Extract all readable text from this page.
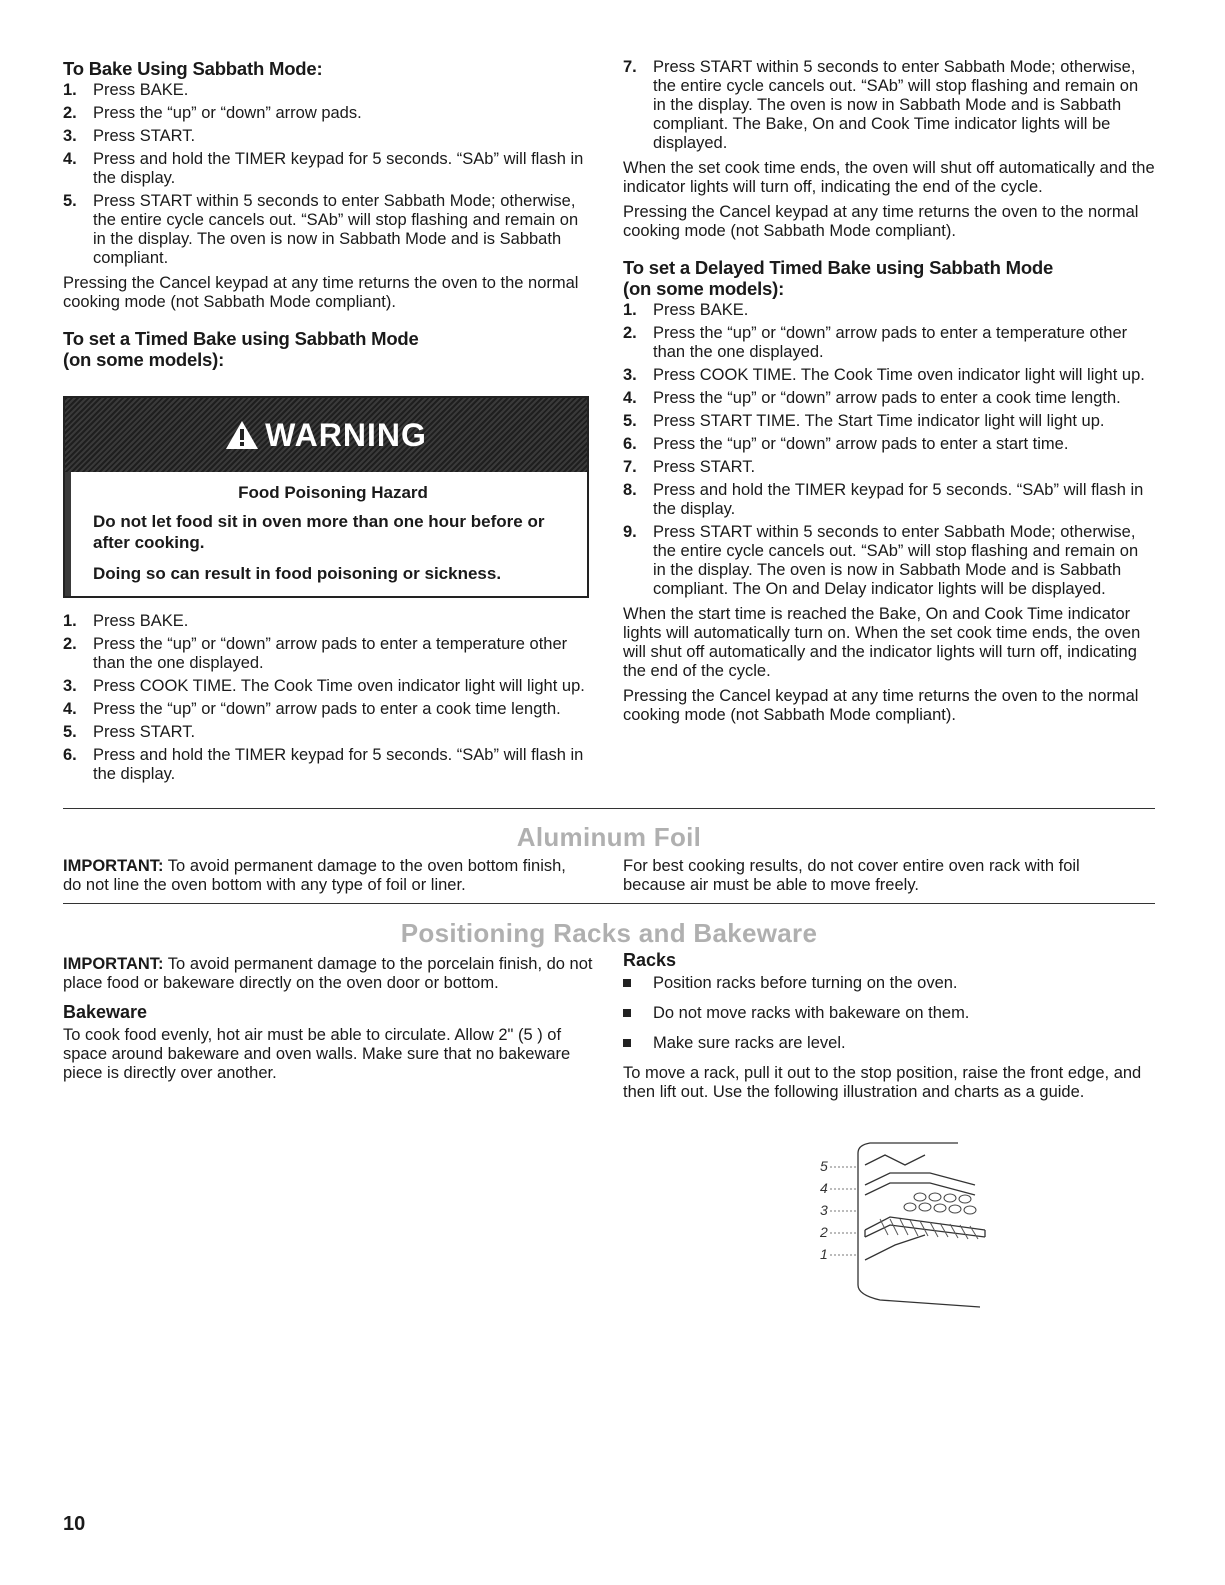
To Bake Using Sabbath Mode:
1. Press BAKE.
2. Press the “up” or “down” arrow pads.
3. Press START.
4. Press and hold the TIMER keypad for 5 seconds. “SAb” will flash in the display.
5. Press START within 5 seconds to enter Sabbath Mode; otherwise, the entire cycle cancels out. “SAb” will stop flashing and remain on in the display. The oven is now in Sabbath Mode and is Sabbath compliant.

Pressing the Cancel keypad at any time returns the oven to the normal cooking mode (not Sabbath Mode compliant).

To set a Timed Bake using Sabbath Mode
(on some models):
WARNING
Food Poisoning Hazard

Do not let food sit in oven more than one hour before or after cooking.

Doing so can result in food poisoning or sickness.

1. Press BAKE.
2. Press the “up” or “down” arrow pads to enter a temperature other than the one displayed.
3. Press COOK TIME. The Cook Time oven indicator light will light up.
4. Press the “up” or “down” arrow pads to enter a cook time length.
5. Press START.
6. Press and hold the TIMER keypad for 5 seconds. “SAb” will flash in the display.
7. Press START within 5 seconds to enter Sabbath Mode; otherwise, the entire cycle cancels out. “SAb” will stop flashing and remain on in the display. The oven is now in Sabbath Mode and is Sabbath compliant. The Bake, On and Cook Time indicator lights will be displayed.

When the set cook time ends, the oven will shut off automatically and the indicator lights will turn off, indicating the end of the cycle.

Pressing the Cancel keypad at any time returns the oven to the normal cooking mode (not Sabbath Mode compliant).

To set a Delayed Timed Bake using Sabbath Mode
(on some models):
1. Press BAKE.
2. Press the “up” or “down” arrow pads to enter a temperature other than the one displayed.
3. Press COOK TIME. The Cook Time oven indicator light will light up.
4. Press the “up” or “down” arrow pads to enter a cook time length.
5. Press START TIME. The Start Time indicator light will light up.
6. Press the “up” or “down” arrow pads to enter a start time.
7. Press START.
8. Press and hold the TIMER keypad for 5 seconds. “SAb” will flash in the display.
9. Press START within 5 seconds to enter Sabbath Mode; otherwise, the entire cycle cancels out. “SAb” will stop flashing and remain on in the display. The oven is now in Sabbath Mode and is Sabbath compliant. The On and Delay indicator lights will be displayed.

When the start time is reached the Bake, On and Cook Time indicator lights will automatically turn on. When the set cook time ends, the oven will shut off automatically and the indicator lights will turn off, indicating the end of the cycle.

Pressing the Cancel keypad at any time returns the oven to the normal cooking mode (not Sabbath Mode compliant).

Aluminum Foil
IMPORTANT: To avoid permanent damage to the oven bottom finish, do not line the oven bottom with any type of foil or liner.
For best cooking results, do not cover entire oven rack with foil because air must be able to move freely.
Positioning Racks and Bakeware

IMPORTANT: To avoid permanent damage to the porcelain finish, do not place food or bakeware directly on the oven door or bottom.

Bakeware

To cook food evenly, hot air must be able to circulate. Allow 2" (5 ) of space around bakeware and oven walls. Make sure that no bakeware piece is directly over another.

Racks
Position racks before turning on the oven.
Do not move racks with bakeware on them.
Make sure racks are level.

To move a rack, pull it out to the stop position, raise the front edge, and then lift out. Use the following illustration and charts as a guide.

5
4
3
2
1
10
